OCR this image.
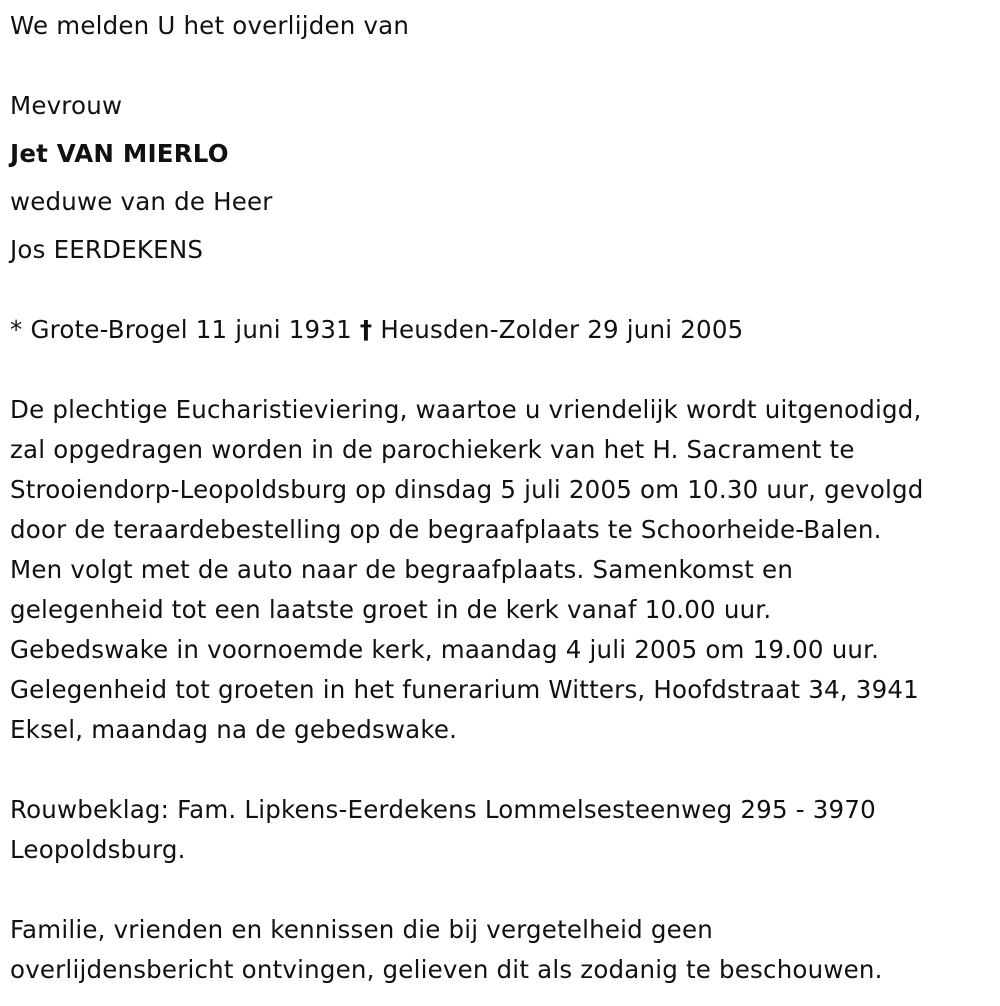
We melden U het overlijden van
Mevrouw
Jet VAN MIERLO
weduwe van de Heer
Jos EERDEKENS
* Grote-Brogel 11 juni 1931 † Heusden-Zolder 29 juni 2005
De plechtige Eucharistieviering, waartoe u vriendelijk wordt uitgenodigd,
zal opgedragen worden in de parochiekerk van het H. Sacrament te
Strooiendorp-Leopoldsburg op dinsdag 5 juli 2005 om 10.30 uur, gevolgd
door de teraardebestelling op de begraafplaats te Schoorheide-Balen.
Men volgt met de auto naar de begraafplaats. Samenkomst en
gelegenheid tot een laatste groet in de kerk vanaf 10.00 uur.
Gebedswake in voornoemde kerk, maandag 4 juli 2005 om 19.00 uur.
Gelegenheid tot groeten in het funerarium Witters, Hoofdstraat 34, 3941
Eksel, maandag na de gebedswake.
Rouwbeklag: Fam. Lipkens-Eerdekens Lommelsesteenweg 295 - 3970
Leopoldsburg.
Familie, vrienden en kennissen die bij vergetelheid geen
overlijdensbericht ontvingen, gelieven dit als zodanig te beschouwen.
